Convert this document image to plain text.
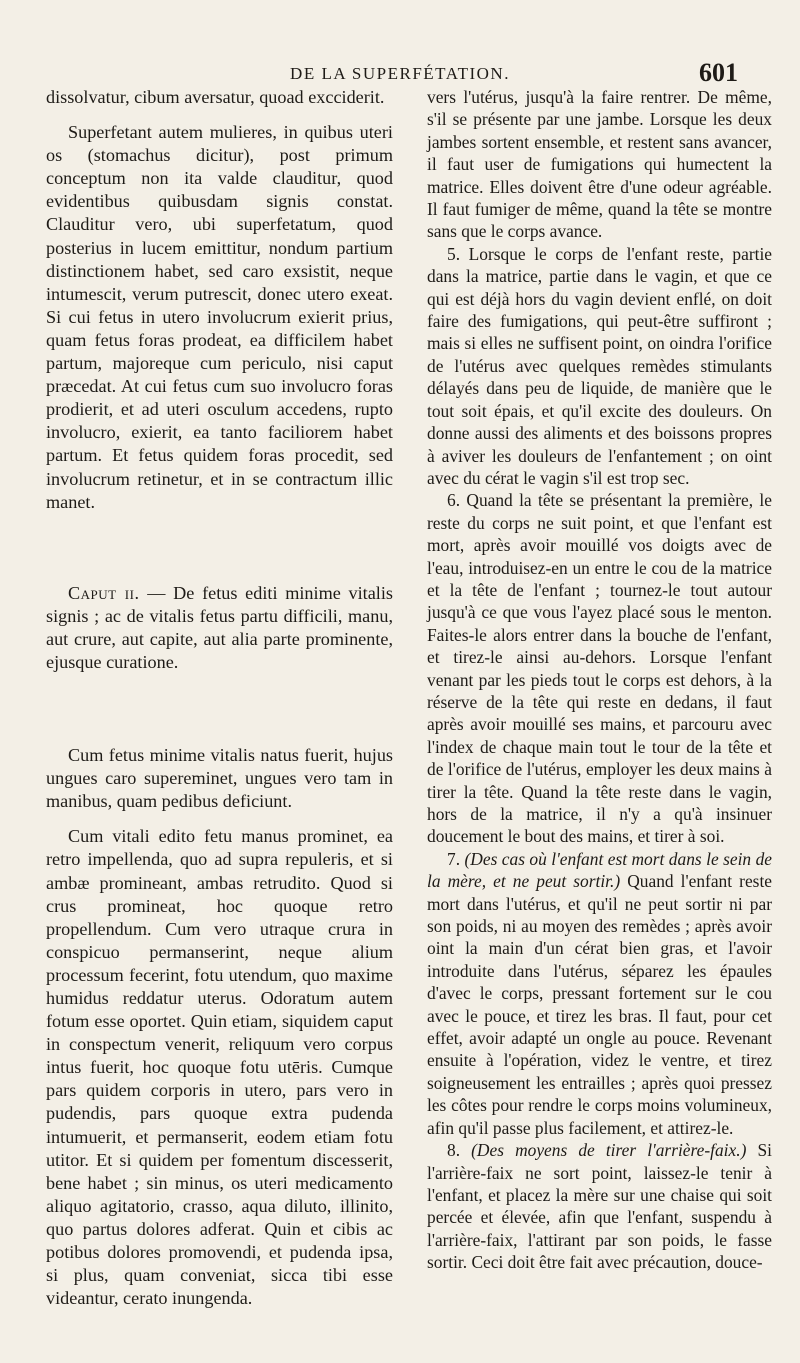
DE LA SUPERFÉTATION.	601

dissolvatur, cibum aversatur, quoad excciderit.

Superfetant autem mulieres, in quibus uteri os (stomachus dicitur), post primum conceptum non ita valde clauditur, quod evidentibus quibusdam signis constat. Clauditur vero, ubi superfetatum, quod posterius in lucem emittitur, nondum partium distinctionem habet, sed caro exsistit, neque intumescit, verum putrescit, donec utero exeat. Si cui fetus in utero involucrum exierit prius, quam fetus foras prodeat, ea difficilem habet partum, majoreque cum periculo, nisi caput præcedat. At cui fetus cum suo involucro foras prodierit, et ad uteri osculum accedens, rupto involucro, exierit, ea tanto faciliorem habet partum. Et fetus quidem foras procedit, sed involucrum retinetur, et in se contractum illic manet.

Caput ii. — De fetus editi minime vitalis signis ; ac de vitalis fetus partu difficili, manu, aut crure, aut capite, aut alia parte prominente, ejusque curatione.

Cum fetus minime vitalis natus fuerit, hujus ungues caro supereminet, ungues vero tam in manibus, quam pedibus deficiunt.

Cum vitali edito fetu manus prominet, ea retro impellenda, quo ad supra repuleris, et si ambæ promineant, ambas retrudito. Quod si crus promineat, hoc quoque retro propellendum. Cum vero utraque crura in conspicuo permanserint, neque alium processum fecerint, fotu utendum, quo maxime humidus reddatur uterus. Odoratum autem fotum esse oportet. Quin etiam, siquidem caput in conspectum venerit, reliquum vero corpus intus fuerit, hoc quoque fotu utēris. Cumque pars quidem corporis in utero, pars vero in pudendis, pars quoque extra pudenda intumuerit, et permanserit, eodem etiam fotu utitor. Et si quidem per fomentum discesserit, bene habet ; sin minus, os uteri medicamento aliquo agitatorio, crasso, aqua diluto, illinito, quo partus dolores adferat. Quin et cibis ac potibus dolores promovendi, et pudenda ipsa, si plus, quam conveniat, sicca tibi esse videantur, cerato inungenda.

vers l'utérus, jusqu'à la faire rentrer. De même, s'il se présente par une jambe. Lorsque les deux jambes sortent ensemble, et restent sans avancer, il faut user de fumigations qui humectent la matrice. Elles doivent être d'une odeur agréable. Il faut fumiger de même, quand la tête se montre sans que le corps avance.

5. Lorsque le corps de l'enfant reste, partie dans la matrice, partie dans le vagin, et que ce qui est déjà hors du vagin devient enflé, on doit faire des fumigations, qui peut-être suffiront ; mais si elles ne suffisent point, on oindra l'orifice de l'utérus avec quelques remèdes stimulants délayés dans peu de liquide, de manière que le tout soit épais, et qu'il excite des douleurs. On donne aussi des aliments et des boissons propres à aviver les douleurs de l'enfantement ; on oint avec du cérat le vagin s'il est trop sec.

6. Quand la tête se présentant la première, le reste du corps ne suit point, et que l'enfant est mort, après avoir mouillé vos doigts avec de l'eau, introduisez-en un entre le cou de la matrice et la tête de l'enfant ; tournez-le tout autour jusqu'à ce que vous l'ayez placé sous le menton. Faites-le alors entrer dans la bouche de l'enfant, et tirez-le ainsi au-dehors. Lorsque l'enfant venant par les pieds tout le corps est dehors, à la réserve de la tête qui reste en dedans, il faut après avoir mouillé ses mains, et parcouru avec l'index de chaque main tout le tour de la tête et de l'orifice de l'utérus, employer les deux mains à tirer la tête. Quand la tête reste dans le vagin, hors de la matrice, il n'y a qu'à insinuer doucement le bout des mains, et tirer à soi.

7. (Des cas où l'enfant est mort dans le sein de la mère, et ne peut sortir.) Quand l'enfant reste mort dans l'utérus, et qu'il ne peut sortir ni par son poids, ni au moyen des remèdes ; après avoir oint la main d'un cérat bien gras, et l'avoir introduite dans l'utérus, séparez les épaules d'avec le corps, pressant fortement sur le cou avec le pouce, et tirez les bras. Il faut, pour cet effet, avoir adapté un ongle au pouce. Revenant ensuite à l'opération, videz le ventre, et tirez soigneusement les entrailles ; après quoi pressez les côtes pour rendre le corps moins volumineux, afin qu'il passe plus facilement, et attirez-le.

8. (Des moyens de tirer l'arrière-faix.) Si l'arrière-faix ne sort point, laissez-le tenir à l'enfant, et placez la mère sur une chaise qui soit percée et élevée, afin que l'enfant, suspendu à l'arrière-faix, l'attirant par son poids, le fasse sortir. Ceci doit être fait avec précaution, douce-
